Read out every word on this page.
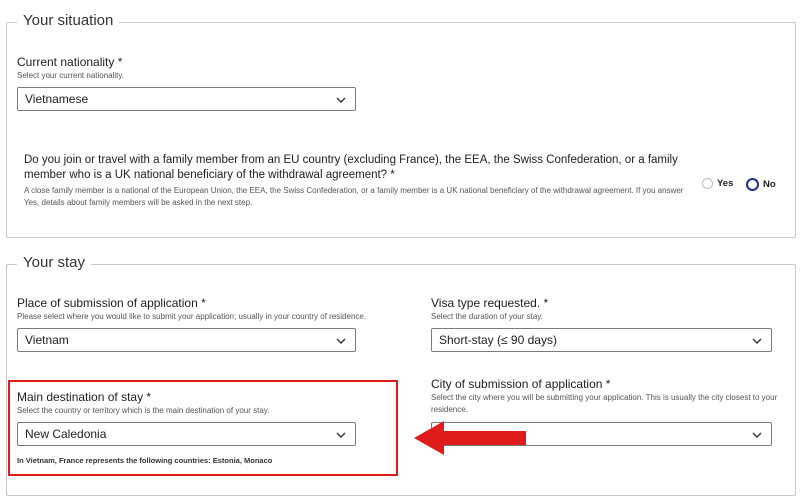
Your situation
Current nationality *
Select your current nationality.
Vietnamese
Do you join or travel with a family member from an EU country (excluding France), the EEA, the Swiss Confederation, or a family member who is a UK national beneficiary of the withdrawal agreement? *
A close family member is a national of the European Union, the EEA, the Swiss Confederation, or a family member is a UK national beneficiary of the withdrawal agreement. If you answer Yes, details about family members will be asked in the next step.
Yes	No
Your stay
Place of submission of application *
Please select where you would like to submit your application; usually in your country of residence.
Vietnam
Visa type requested. *
Select the duration of your stay.
Short-stay (≤ 90 days)
Main destination of stay *
Select the country or territory which is the main destination of your stay.
New Caledonia
In Vietnam, France represents the following countries: Estonia, Monaco
City of submission of application *
Select the city where you will be submitting your application. This is usually the city closest to your residence.
